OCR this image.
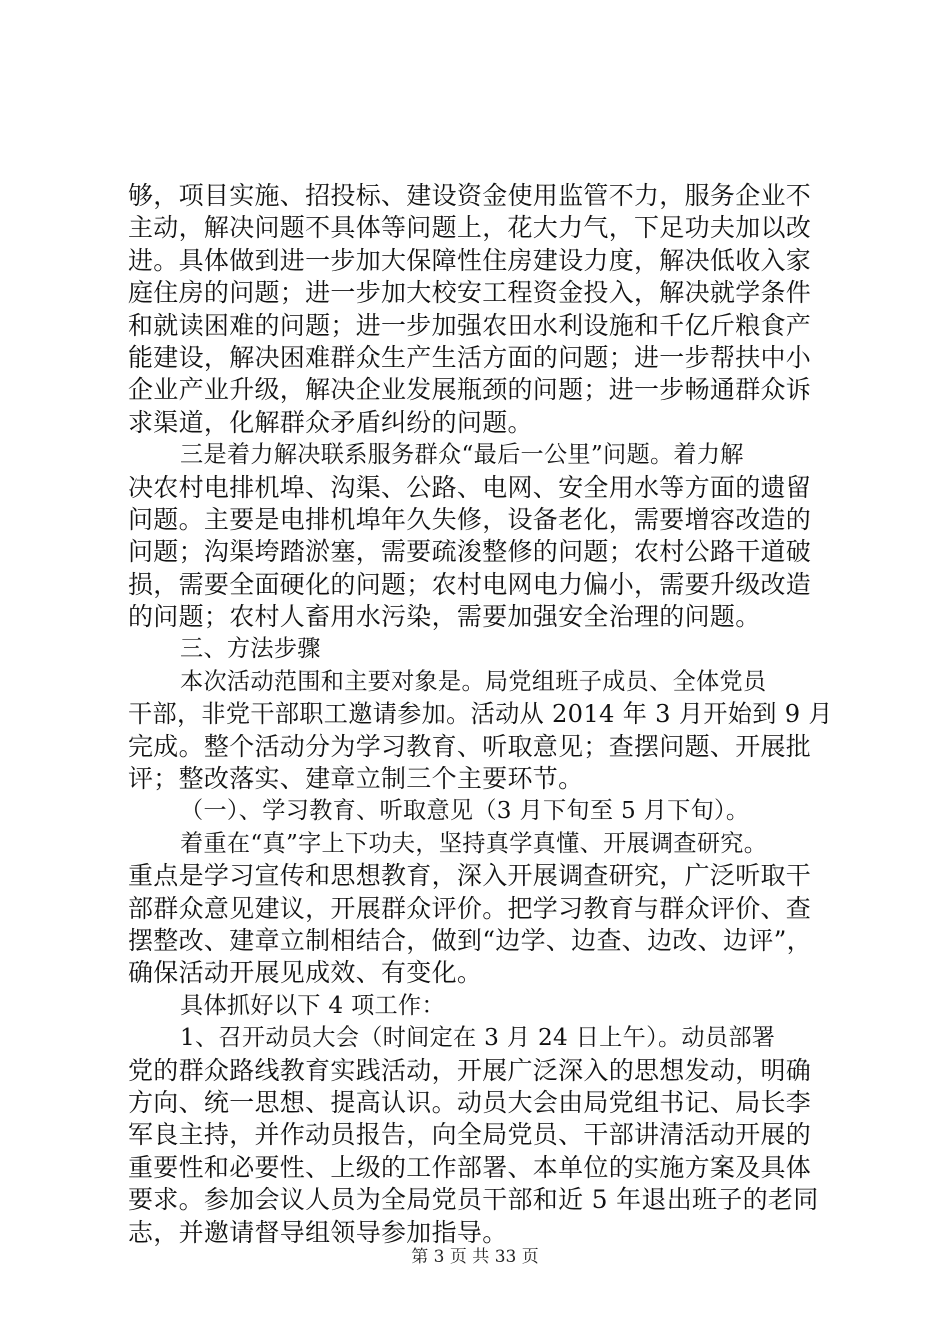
够，项目实施、招投标、建设资金使用监管不力，服务企业不
主动，解决问题不具体等问题上，花大力气，下足功夫加以改
进。具体做到进一步加大保障性住房建设力度，解决低收入家
庭住房的问题；进一步加大校安工程资金投入，解决就学条件
和就读困难的问题；进一步加强农田水利设施和千亿斤粮食产
能建设，解决困难群众生产生活方面的问题；进一步帮扶中小
企业产业升级，解决企业发展瓶颈的问题；进一步畅通群众诉
求渠道，化解群众矛盾纠纷的问题。
三是着力解决联系服务群众“最后一公里”问题。着力解
决农村电排机埠、沟渠、公路、电网、安全用水等方面的遗留
问题。主要是电排机埠年久失修，设备老化，需要增容改造的
问题；沟渠垮踏淤塞，需要疏浚整修的问题；农村公路干道破
损，需要全面硬化的问题；农村电网电力偏小，需要升级改造
的问题；农村人畜用水污染，需要加强安全治理的问题。
三、方法步骤
本次活动范围和主要对象是。局党组班子成员、全体党员
干部，非党干部职工邀请参加。活动从 2014 年 3 月开始到 9 月
完成。整个活动分为学习教育、听取意见；查摆问题、开展批
评；整改落实、建章立制三个主要环节。
（一）、学习教育、听取意见（3 月下旬至 5 月下旬）。
着重在“真”字上下功夫，坚持真学真懂、开展调查研究。
重点是学习宣传和思想教育，深入开展调查研究，广泛听取干
部群众意见建议，开展群众评价。把学习教育与群众评价、查
摆整改、建章立制相结合，做到“边学、边查、边改、边评”，
确保活动开展见成效、有变化。
具体抓好以下 4 项工作：
1、召开动员大会（时间定在 3 月 24 日上午）。动员部署
党的群众路线教育实践活动，开展广泛深入的思想发动，明确
方向、统一思想、提高认识。动员大会由局党组书记、局长李
军良主持，并作动员报告，向全局党员、干部讲清活动开展的
重要性和必要性、上级的工作部署、本单位的实施方案及具体
要求。参加会议人员为全局党员干部和近 5 年退出班子的老同
志，并邀请督导组领导参加指导。
第 3 页 共 33 页
